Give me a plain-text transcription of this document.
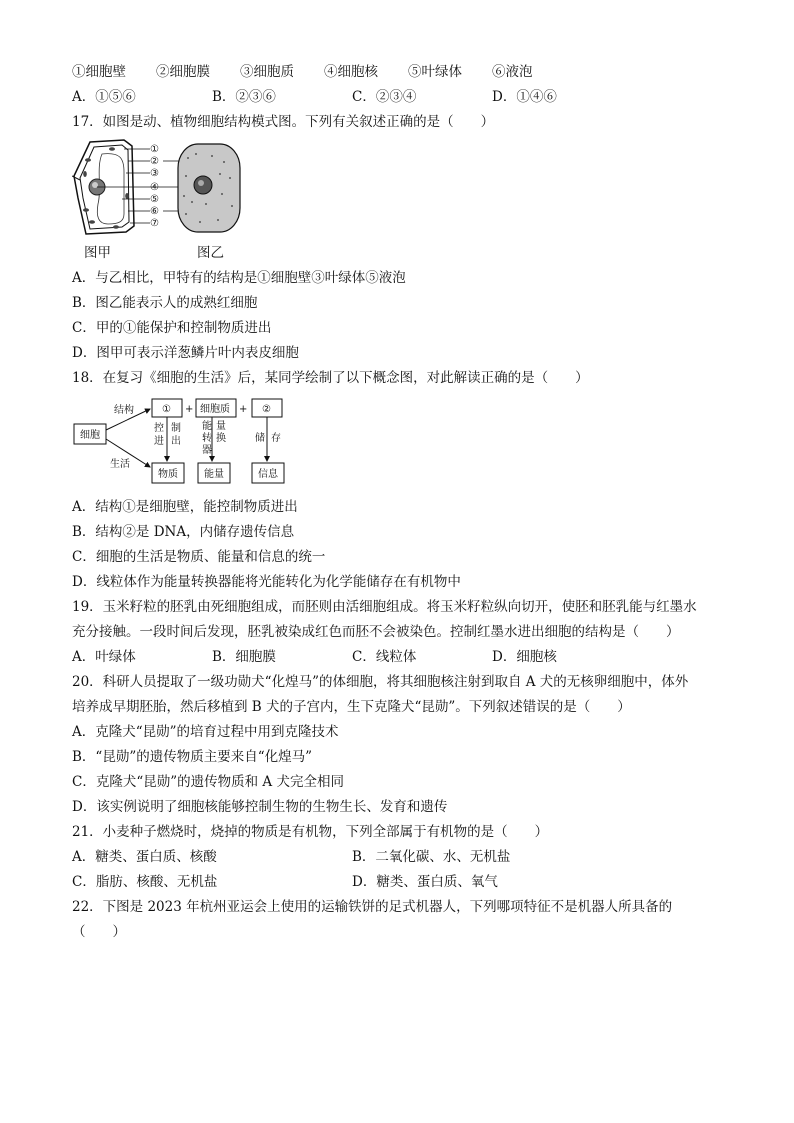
①细胞壁 ②细胞膜 ③细胞质 ④细胞核 ⑤叶绿体 ⑥液泡
A．①⑤⑥	B．②③⑥	C．②③④	D．①④⑥
17．如图是动、植物细胞结构模式图。下列有关叙述正确的是（　　）
①
②
③
④
⑤
⑥
⑦
图甲	图乙
A．与乙相比，甲特有的结构是①细胞壁③叶绿体⑤液泡
B．图乙能表示人的成熟红细胞
C．甲的①能保护和控制物质进出
D．图甲可表示洋葱鳞片叶内表皮细胞
18．在复习《细胞的生活》后，某同学绘制了以下概念图，对此解读正确的是（　　）
细胞
结构
生活
① + 细胞质 + ②
控
进
制
出
能 量
转 换
器
储 存
物质	能量	信息
A．结构①是细胞壁，能控制物质进出
B．结构②是 DNA，内储存遗传信息
C．细胞的生活是物质、能量和信息的统一
D．线粒体作为能量转换器能将光能转化为化学能储存在有机物中
19．玉米籽粒的胚乳由死细胞组成，而胚则由活细胞组成。将玉米籽粒纵向切开，使胚和胚乳能与红墨水
充分接触。一段时间后发现，胚乳被染成红色而胚不会被染色。控制红墨水进出细胞的结构是（　　）
A．叶绿体	B．细胞膜	C．线粒体	D．细胞核
20．科研人员提取了一级功勋犬“化煌马”的体细胞，将其细胞核注射到取自 A 犬的无核卵细胞中，体外
培养成早期胚胎，然后移植到 B 犬的子宫内，生下克隆犬“昆勋”。下列叙述错误的是（　　）
A．克隆犬“昆勋”的培育过程中用到克隆技术
B．“昆勋”的遗传物质主要来自“化煌马”
C．克隆犬“昆勋”的遗传物质和 A 犬完全相同
D．该实例说明了细胞核能够控制生物的生物生长、发育和遗传
21．小麦种子燃烧时，烧掉的物质是有机物，下列全部属于有机物的是（　　）
A．糖类、蛋白质、核酸	B．二氧化碳、水、无机盐
C．脂肪、核酸、无机盐	D．糖类、蛋白质、氧气
22．下图是 2023 年杭州亚运会上使用的运输铁饼的足式机器人，下列哪项特征不是机器人所具备的
（　　）
